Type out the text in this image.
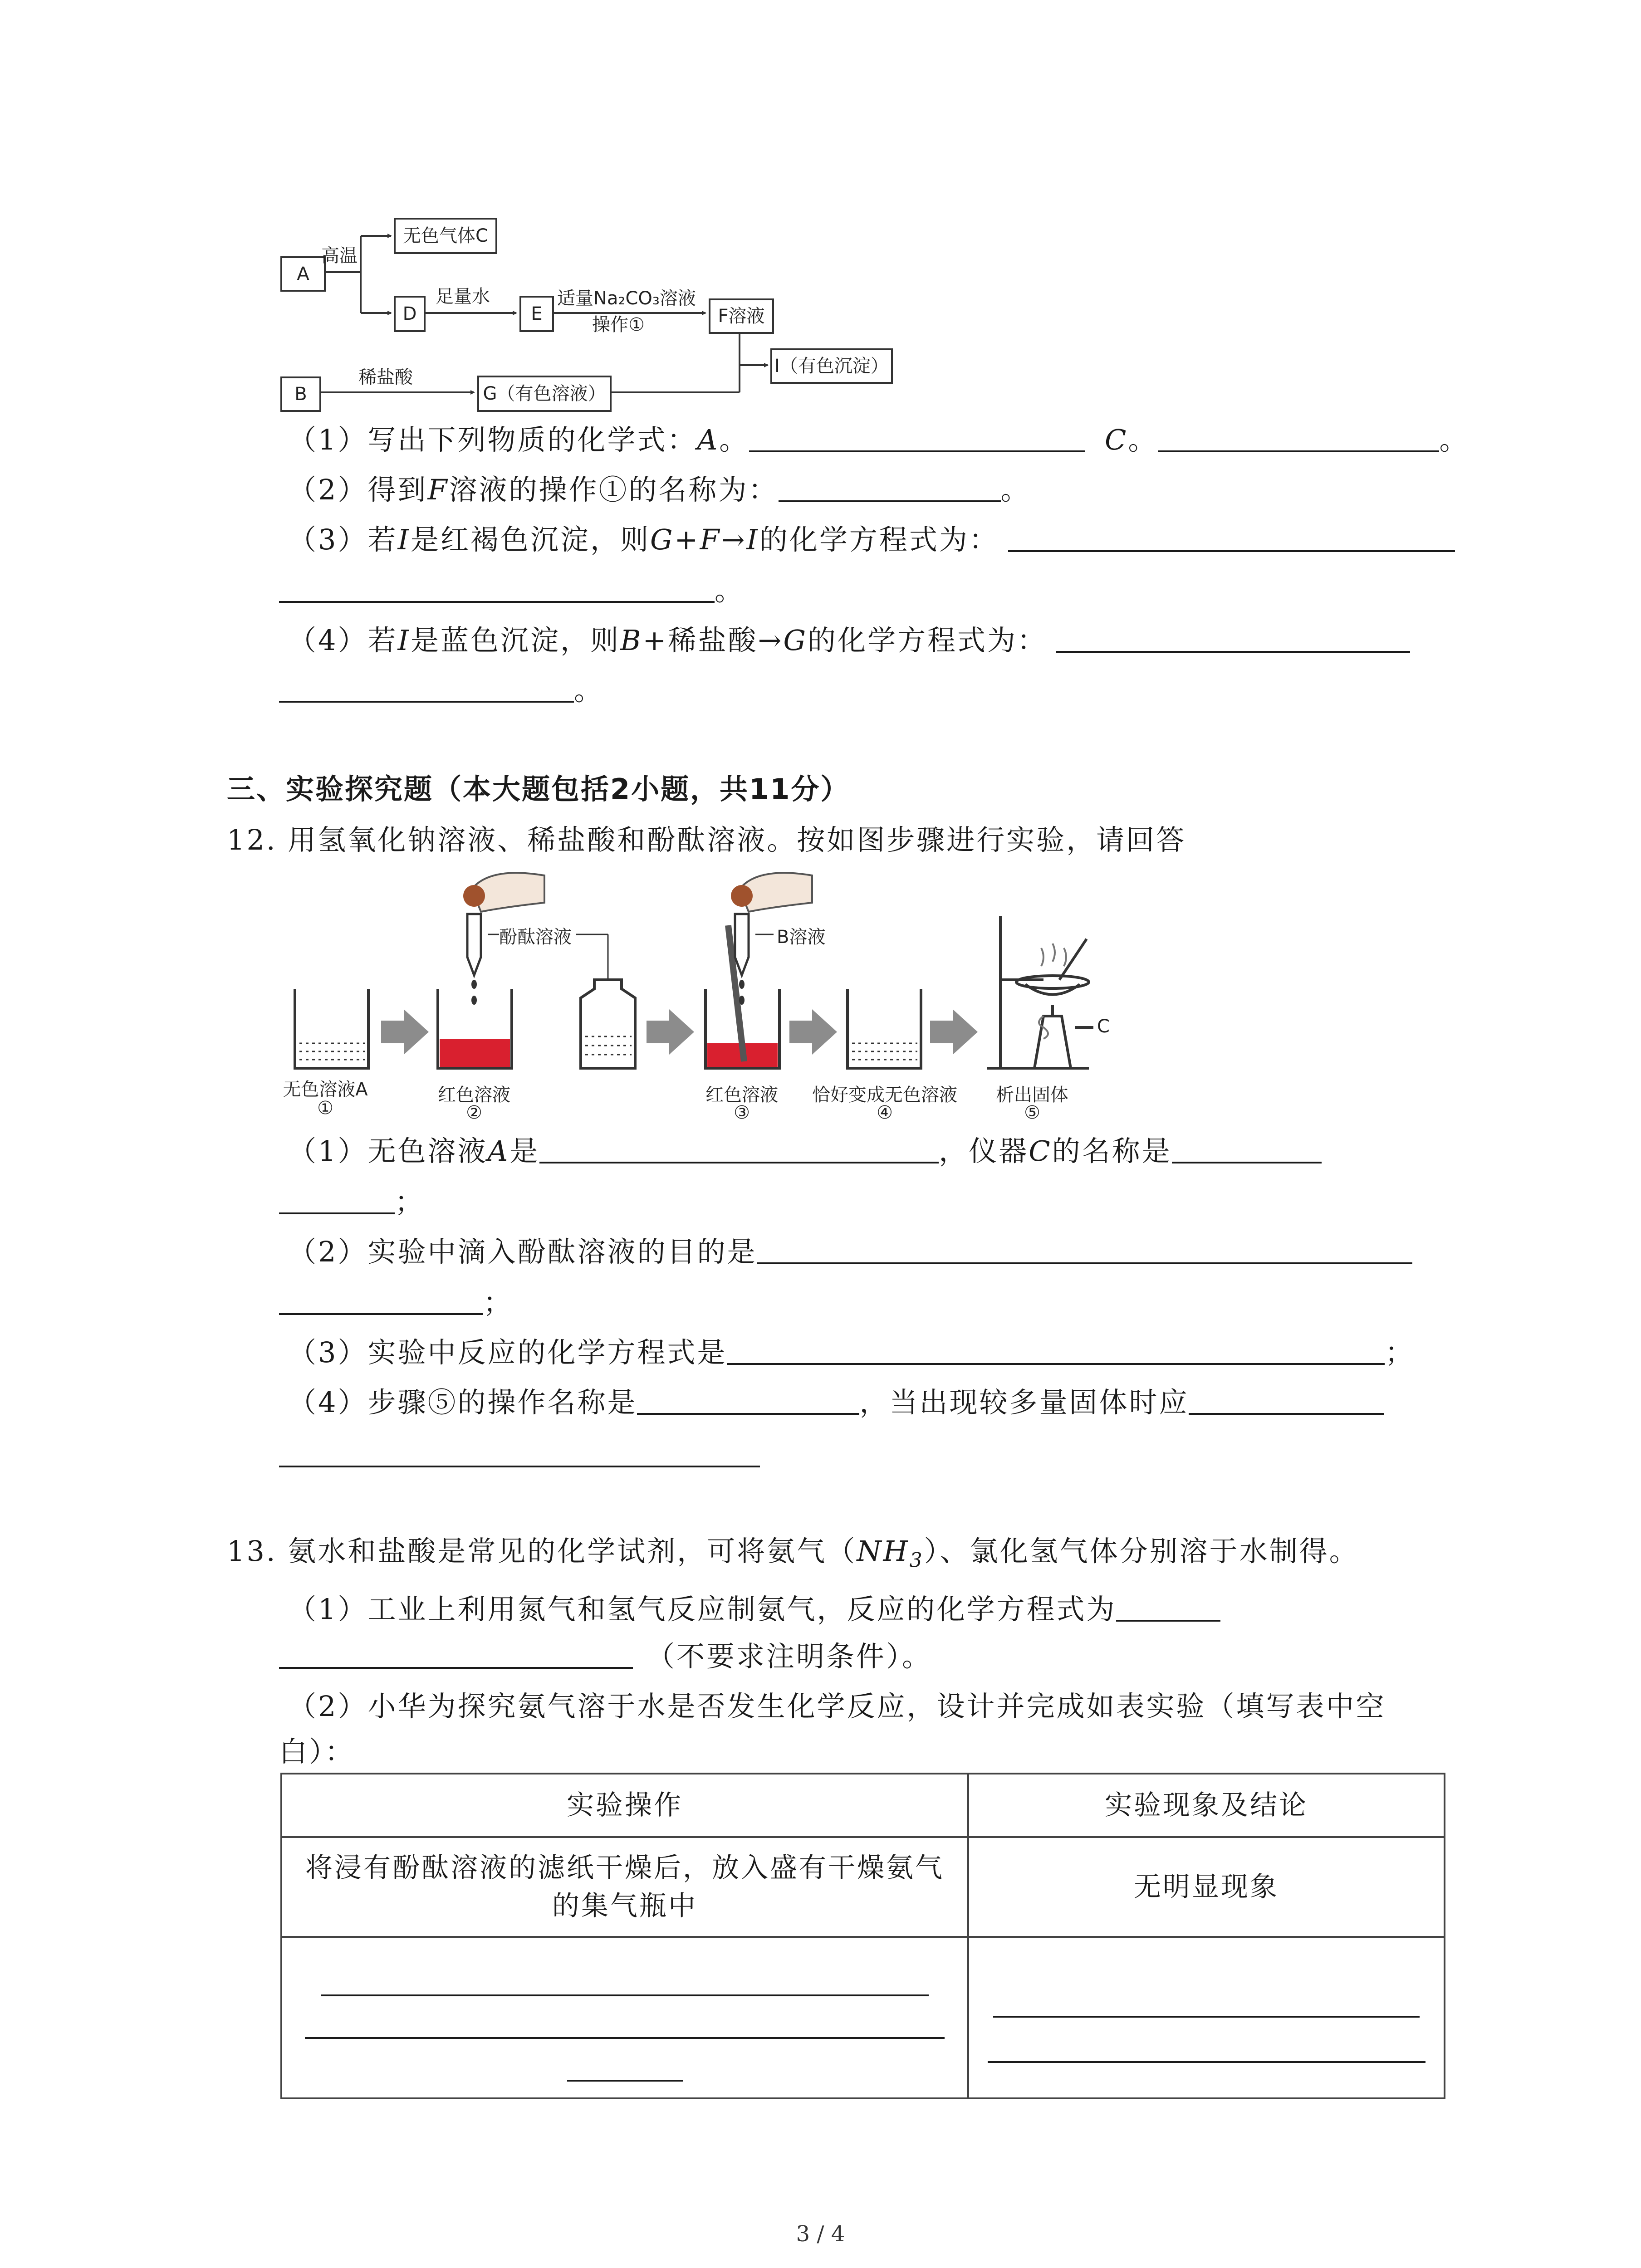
A
无色气体C
D	E	F溶液
I（有色沉淀）
B	G（有色溶液）
高温
足量水	适量Na₂CO₃溶液
操作①
稀盐酸
（1）写出下列物质的化学式：A。	C。	。
（2）得到F溶液的操作①的名称为：	。
（3）若I是红褐色沉淀，则G+F→I的化学方程式为：
。
（4）若I是蓝色沉淀，则B+稀盐酸→G的化学方程式为：
。
三、实验探究题（本大题包括2小题，共11分）
12. 用氢氧化钠溶液、稀盐酸和酚酞溶液。按如图步骤进行实验，请回答
酚酞溶液	B溶液
C
无色溶液A
①
红色溶液
②
红色溶液
③
恰好变成无色溶液
④
析出固体
⑤
（1）无色溶液A是	，仪器C的名称是
；
（2）实验中滴入酚酞溶液的目的是
；
（3）实验中反应的化学方程式是	；
（4）步骤⑤的操作名称是	，当出现较多量固体时应
13. 氨水和盐酸是常见的化学试剂，可将氨气$(NH_3)$、氯化氢气体分别溶于水制得。
（1）工业上利用氮气和氢气反应制氨气，反应的化学方程式为
（不要求注明条件）。
（2）小华为探究氨气溶于水是否发生化学反应，设计并完成如表实验（填写表中空
白）：
实验操作	实验现象及结论

将浸有酚酞溶液的滤纸干燥后，放入盛有干燥氨气
的集气瓶中	无明显现象

3 / 4
